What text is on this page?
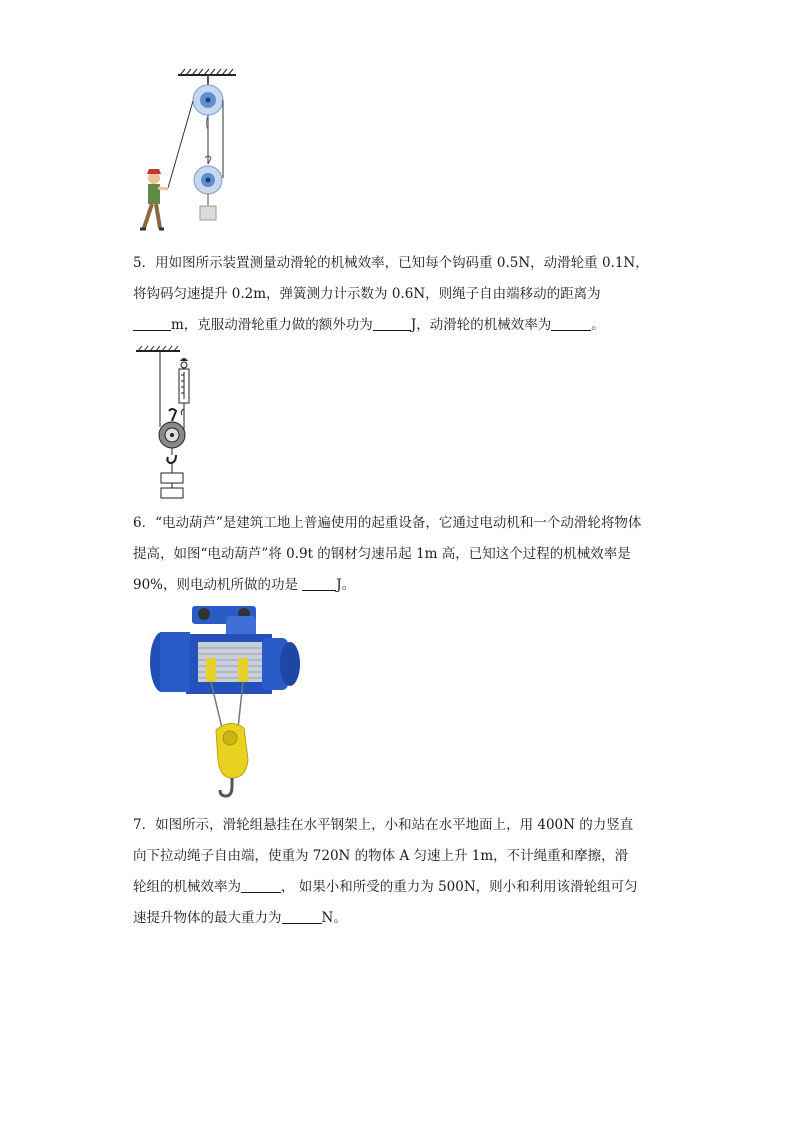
5．用如图所示装置测量动滑轮的机械效率，已知每个钩码重 0.5N，动滑轮重 0.1N，
将钩码匀速提升 0.2m，弹簧测力计示数为 0.6N，则绳子自由端移动的距离为
m，克服动滑轮重力做的额外功为	J，动滑轮的机械效率为	。
6．“电动葫芦”是建筑工地上普遍使用的起重设备，它通过电动机和一个动滑轮将物体
提高，如图“电动葫芦”将 0.9t 的钢材匀速吊起 1m 高，已知这个过程的机械效率是
90%，则电动机所做的功是	J。
7．如图所示，滑轮组悬挂在水平钢架上，小和站在水平地面上，用 400N 的力竖直
向下拉动绳子自由端，使重为 720N 的物体 A 匀速上升 1m，不计绳重和摩擦，滑
轮组的机械效率为	， 如果小和所受的重力为 500N，则小和利用该滑轮组可匀
速提升物体的最大重力为	N。
